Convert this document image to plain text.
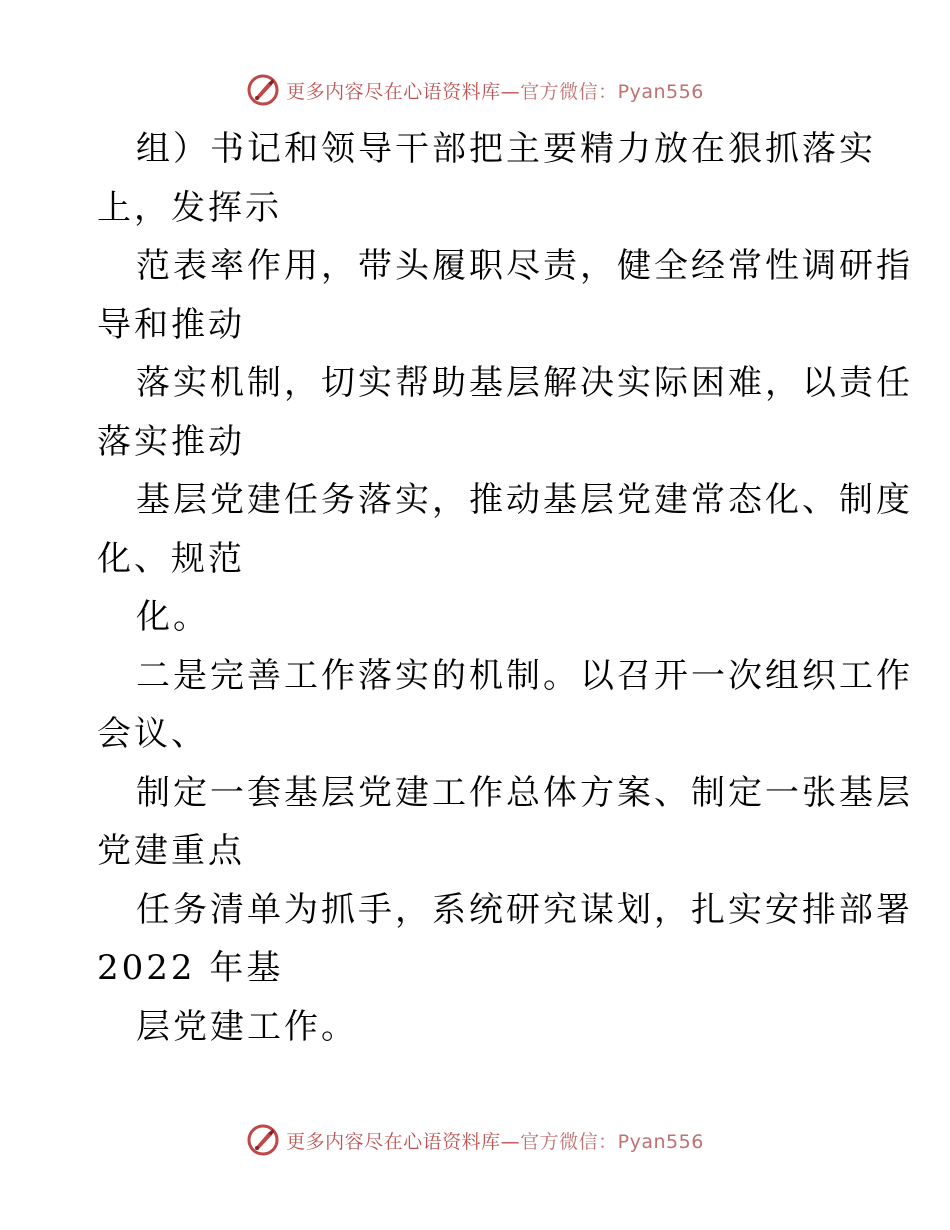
更多内容尽在心语资料库—官方微信：Pyan556
组）书记和领导干部把主要精力放在狠抓落实
上，发挥示
范表率作用，带头履职尽责，健全经常性调研指
导和推动
落实机制，切实帮助基层解决实际困难，以责任
落实推动
基层党建任务落实，推动基层党建常态化、制度
化、规范
化。
二是完善工作落实的机制。以召开一次组织工作
会议、
制定一套基层党建工作总体方案、制定一张基层
党建重点
任务清单为抓手，系统研究谋划，扎实安排部署
2022 年基
层党建工作。
更多内容尽在心语资料库—官方微信：Pyan556
